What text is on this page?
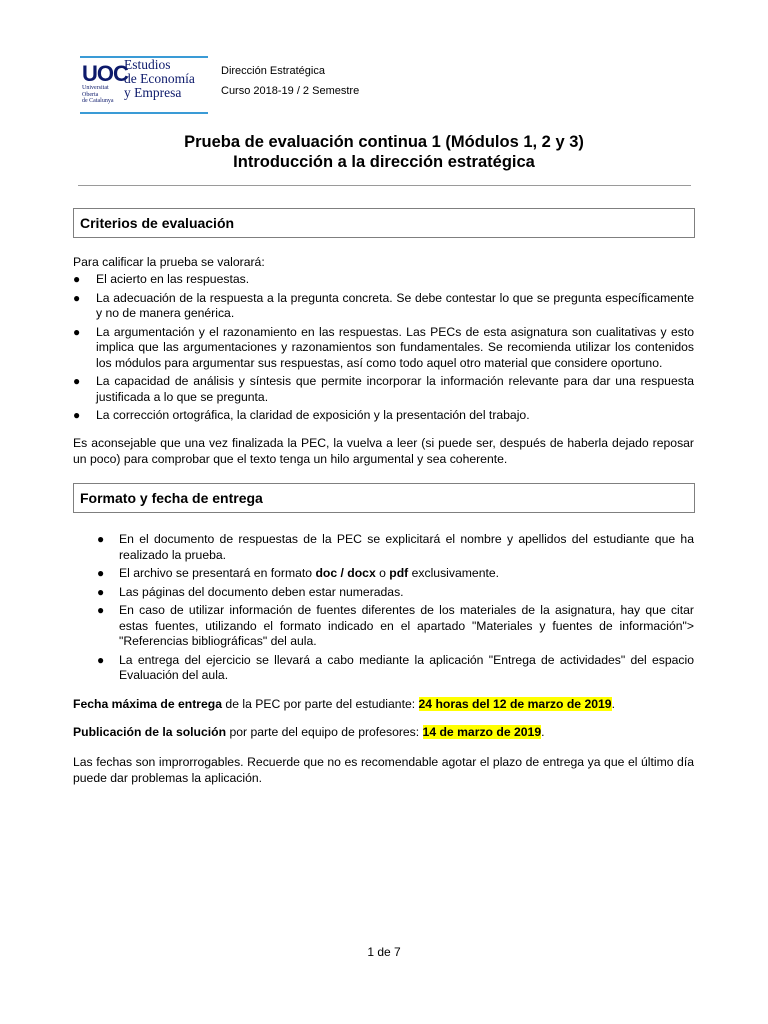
UOC
Universitat
Oberta
de Catalunya
Estudios
de Economía
y Empresa
Dirección Estratégica
Curso 2018-19 / 2 Semestre
Prueba de evaluación continua 1 (Módulos 1, 2 y 3)
Introducción a la dirección estratégica
Criterios de evaluación
Para calificar la prueba se valorará:
● El acierto en las respuestas.
● La adecuación de la respuesta a la pregunta concreta. Se debe contestar lo que se pregunta específicamente y no de manera genérica.
● La argumentación y el razonamiento en las respuestas. Las PECs de esta asignatura son cualitativas y esto implica que las argumentaciones y razonamientos son fundamentales. Se recomienda utilizar los contenidos los módulos para argumentar sus respuestas, así como todo aquel otro material que considere oportuno.
● La capacidad de análisis y síntesis que permite incorporar la información relevante para dar una respuesta justificada a lo que se pregunta.
● La corrección ortográfica, la claridad de exposición y la presentación del trabajo.
Es aconsejable que una vez finalizada la PEC, la vuelva a leer (si puede ser, después de haberla dejado reposar un poco) para comprobar que el texto tenga un hilo argumental y sea coherente.
Formato y fecha de entrega
● En el documento de respuestas de la PEC se explicitará el nombre y apellidos del estudiante que ha realizado la prueba.
● El archivo se presentará en formato doc / docx o pdf exclusivamente.
● Las páginas del documento deben estar numeradas.
● En caso de utilizar información de fuentes diferentes de los materiales de la asignatura, hay que citar estas fuentes, utilizando el formato indicado en el apartado "Materiales y fuentes de información"> "Referencias bibliográficas" del aula.
● La entrega del ejercicio se llevará a cabo mediante la aplicación "Entrega de actividades" del espacio Evaluación del aula.
Fecha máxima de entrega de la PEC por parte del estudiante: 24 horas del 12 de marzo de 2019.
Publicación de la solución por parte del equipo de profesores: 14 de marzo de 2019.
Las fechas son improrrogables. Recuerde que no es recomendable agotar el plazo de entrega ya que el último día puede dar problemas la aplicación.
1 de 7
